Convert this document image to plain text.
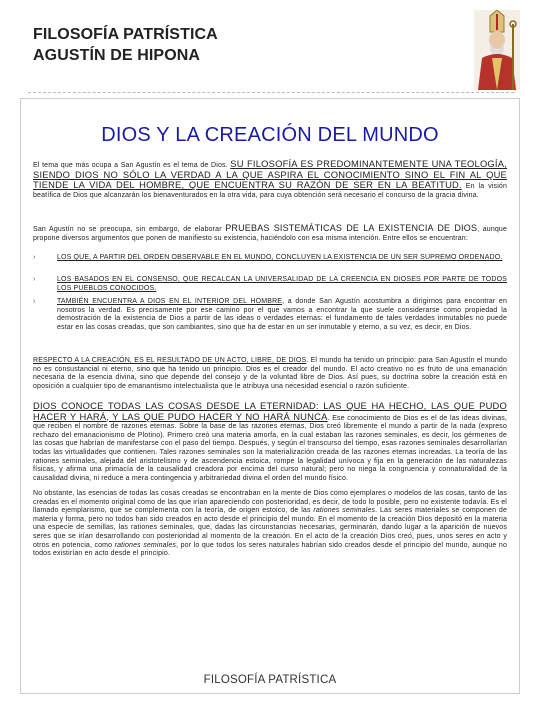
FILOSOFÍA PATRÍSTICA
AGUSTÍN DE HIPONA
DIOS Y LA CREACIÓN DEL MUNDO
El tema que más ocupa a San Agustín es el tema de Dios. SU FILOSOFÍA ES PREDOMINANTEMENTE UNA TEOLOGÍA, SIENDO DIOS NO SÓLO LA VERDAD A LA QUE ASPIRA EL CONOCIMIENTO SINO EL FIN AL QUE TIENDE LA VIDA DEL HOMBRE, QUE ENCUENTRA SU RAZÓN DE SER EN LA BEATITUD. En la visión beatífica de Dios que alcanzarán los bienaventurados en la otra vida, para cuya obtención será necesario el concurso de la gracia divina.
San Agustín no se preocupa, sin embargo, de elaborar PRUEBAS SISTEMÁTICAS DE LA EXISTENCIA DE DIOS, aunque propone diversos argumentos que ponen de manifiesto su existencia, haciéndolo con esa misma intención. Entre ellos se encuentran:
›	LOS QUE, A PARTIR DEL ORDEN OBSERVABLE EN EL MUNDO, CONCLUYEN LA EXISTENCIA DE UN SER SUPREMO ORDENADO.
›	LOS BASADOS EN EL CONSENSO, QUE RECALCAN LA UNIVERSALIDAD DE LA CREENCIA EN DIOSES POR PARTE DE TODOS LOS PUEBLOS CONOCIDOS.
›	TAMBIÉN ENCUENTRA A DIOS EN EL INTERIOR DEL HOMBRE, a donde San Agustín acostumbra a dirigirnos para encontrar en nosotros la verdad. Es precisamente por ese camino por el que vamos a encontrar la que suele considerarse como propiedad la demostración de la existencia de Dios a partir de las ideas o verdades eternas: el fundamento de tales verdades inmutables no puede estar en las cosas creadas, que son cambiantes, sino que ha de estar en un ser inmutable y eterno, a su vez, es decir, en Dios.
RESPECTO A LA CREACIÓN, ES EL RESULTADO DE UN ACTO, LIBRE, DE DIOS. El mundo ha tenido un principio: para San Agustín el mundo no es consustancial ni eterno, sino que ha tenido un principio. Dios es el creador del mundo. El acto creativo no es fruto de una emanación necesaria de la esencia divina, sino que depende del consejo y de la voluntad libre de Dios. Así pues, su doctrina sobre la creación está en oposición a cualquier tipo de emanantismo intelectualista que le atribuya una necesidad esencial o razón suficiente.
DIOS CONOCE TODAS LAS COSAS DESDE LA ETERNIDAD: LAS QUE HA HECHO, LAS QUE PUDO HACER Y HARÁ, Y LAS QUE PUDO HACER Y NO HARÁ NUNCA. Ese conocimiento de Dios es el de las ideas divinas, que reciben el nombre de razones eternas. Sobre la base de las razones eternas, Dios creó libremente el mundo a partir de la nada (expreso rechazo del emanacionismo de Plotino). Primero creó una materia amorfa, en la cual estaban las razones seminales, es decir, los gérmenes de las cosas que habrían de manifestarse con el paso del tiempo. Después, y según el transcurso del tiempo, esas razones seminales desarrollarían todas las virtualidades que contienen. Tales razones seminales son la materialización creada de las razones eternas increadas. La teoría de las rationes seminales, alejada del aristotelismo y de ascendencia estoica, rompe la legalidad unívoca y fija en la generación de las naturalezas físicas, y afirma una primacía de la causalidad creadora por encima del curso natural; pero no niega la congruencia y connaturalidad de la causalidad divina, ni reduce a mera contingencia y arbitrariedad divina el orden del mundo físico.
No obstante, las esencias de todas las cosas creadas se encontraban en la mente de Dios como ejemplares o modelos de las cosas, tanto de las creadas en el momento original como de las que irían apareciendo con posterioridad, es decir, de todo lo posible, pero no existente todavía. Es el llamado ejemplarismo, que se complementa con la teoría, de origen estoico, de las rationes seminales. Las seres materiales se componen de materia y forma, pero no todos han sido creados en acto desde el principio del mundo. En el momento de la creación Dios depositó en la materia una especie de semillas, las rationes seminales, que, dadas las circunstancias necesarias, germinarán, dando lugar a la aparición de nuevos seres que se irían desarrollando con posterioridad al momento de la creación. En el acto de la creación Dios creó, pues, unos seres en acto y otros en potencia, como rationes seminales, por lo que todos los seres naturales habrían sido creados desde el principio del mundo, aunque no todos existirían en acto desde el principio.
FILOSOFÍA PATRÍSTICA
